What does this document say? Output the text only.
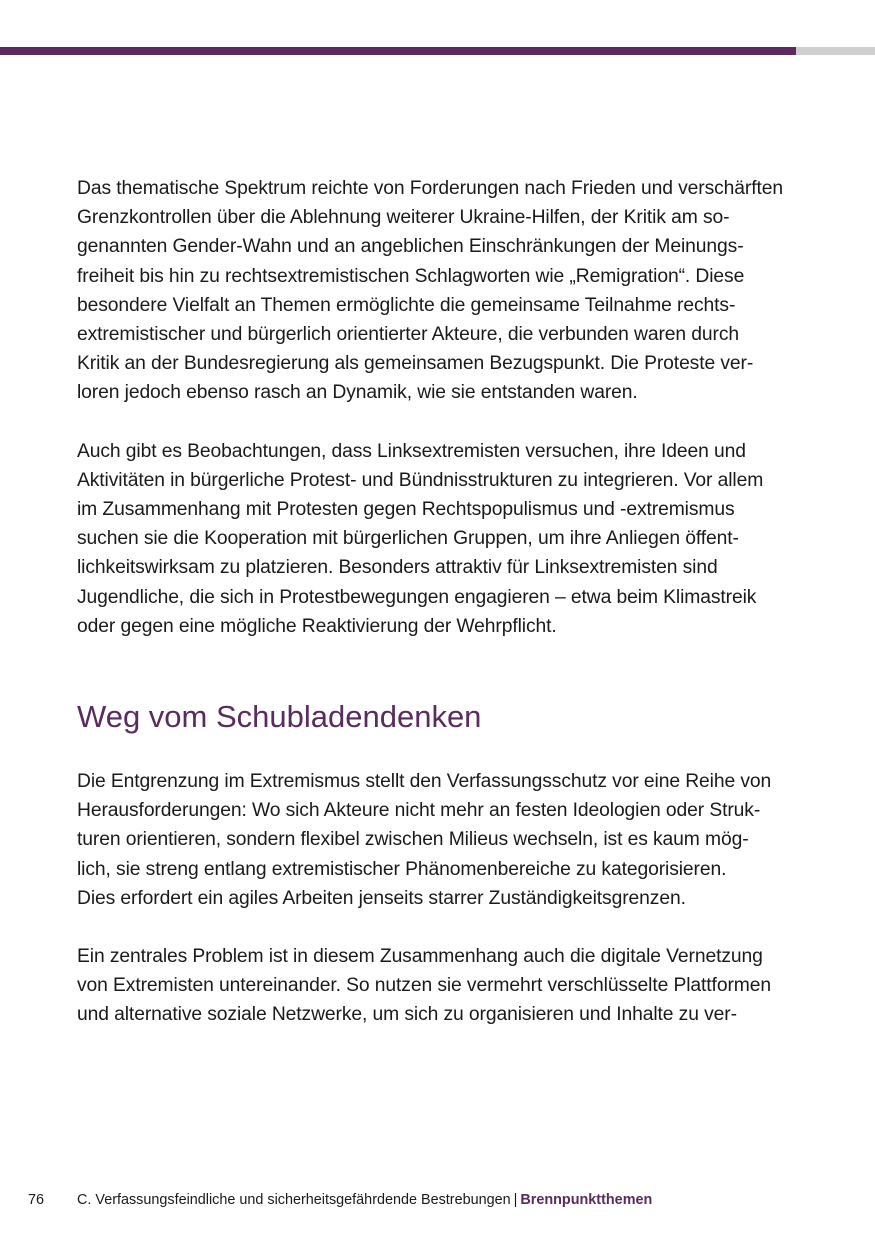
Das thematische Spektrum reichte von Forderungen nach Frieden und verschärften
Grenzkontrollen über die Ablehnung weiterer Ukraine-Hilfen, der Kritik am so-
genannten Gender-Wahn und an angeblichen Einschränkungen der Meinungs-
freiheit bis hin zu rechtsextremistischen Schlagworten wie „Remigration“. Diese
besondere Vielfalt an Themen ermöglichte die gemeinsame Teilnahme rechts-
extremistischer und bürgerlich orientierter Akteure, die verbunden waren durch
Kritik an der Bundesregierung als gemeinsamen Bezugspunkt. Die Proteste ver-
loren jedoch ebenso rasch an Dynamik, wie sie entstanden waren.
Auch gibt es Beobachtungen, dass Linksextremisten versuchen, ihre Ideen und
Aktivitäten in bürgerliche Protest- und Bündnisstrukturen zu integrieren. Vor allem
im Zusammenhang mit Protesten gegen Rechtspopulismus und -extremismus
suchen sie die Kooperation mit bürgerlichen Gruppen, um ihre Anliegen öffent-
lichkeitswirksam zu platzieren. Besonders attraktiv für Linksextremisten sind
Jugendliche, die sich in Protestbewegungen engagieren – etwa beim Klimastreik
oder gegen eine mögliche Reaktivierung der Wehrpflicht.
Weg vom Schubladendenken
Die Entgrenzung im Extremismus stellt den Verfassungsschutz vor eine Reihe von
Herausforderungen: Wo sich Akteure nicht mehr an festen Ideologien oder Struk-
turen orientieren, sondern flexibel zwischen Milieus wechseln, ist es kaum mög-
lich, sie streng entlang extremistischer Phänomenbereiche zu kategorisieren.
Dies erfordert ein agiles Arbeiten jenseits starrer Zuständigkeitsgrenzen.
Ein zentrales Problem ist in diesem Zusammenhang auch die digitale Vernetzung
von Extremisten untereinander. So nutzen sie vermehrt verschlüsselte Plattformen
und alternative soziale Netzwerke, um sich zu organisieren und Inhalte zu ver-
76 C. Verfassungsfeindliche und sicherheitsgefährdende Bestrebungen | Brennpunktthemen
